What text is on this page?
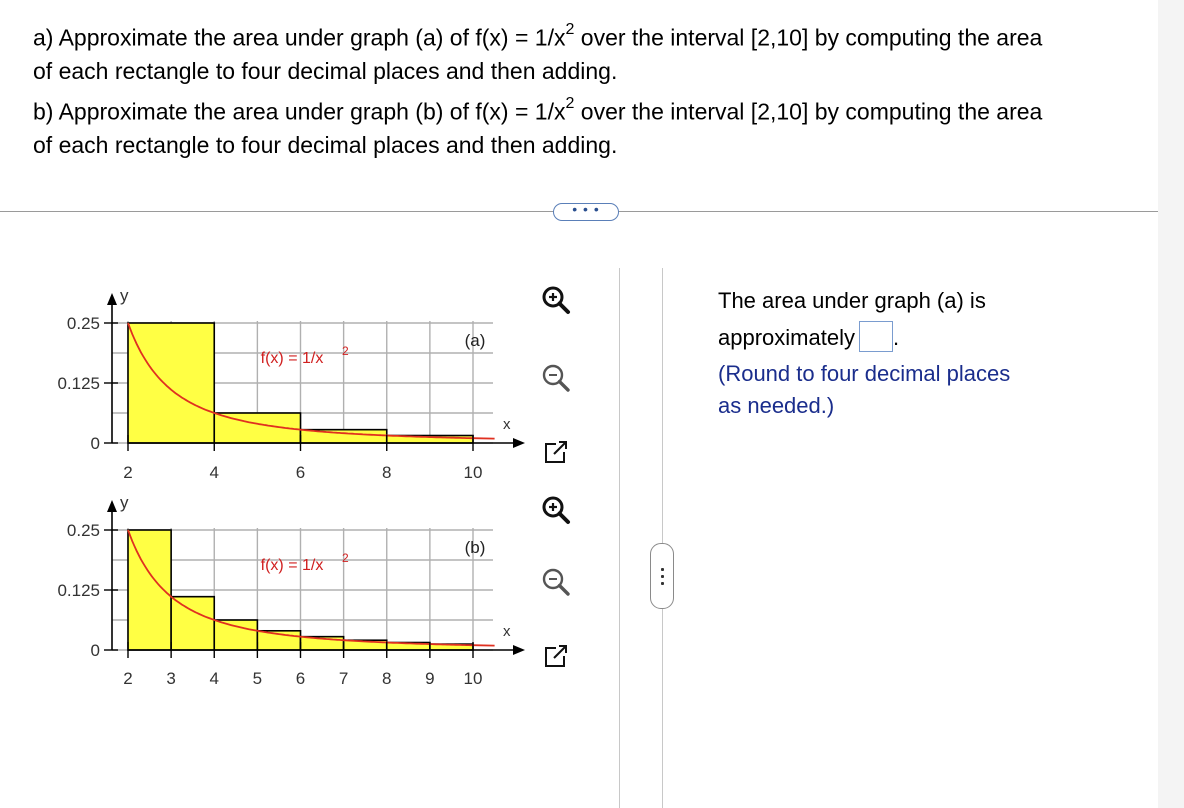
a) Approximate the area under graph (a) of $f(x) = 1/x^2$ over the interval [2,10] by computing the area
of each rectangle to four decimal places and then adding.
b) Approximate the area under graph (b) of $f(x) = 1/x^2$ over the interval [2,10] by computing the area
of each rectangle to four decimal places and then adding.
• • •
2	4	6	8	10
0.25
0.125
0
y
x
(a)
f(x) = 1/x 2
2 3 4 5 6 7 8 9 10
0.25
0.125
0
y
x
(b)
f(x) = 1/x 2
The area under graph (a) is
approximately .
(Round to four decimal places
as needed.)
